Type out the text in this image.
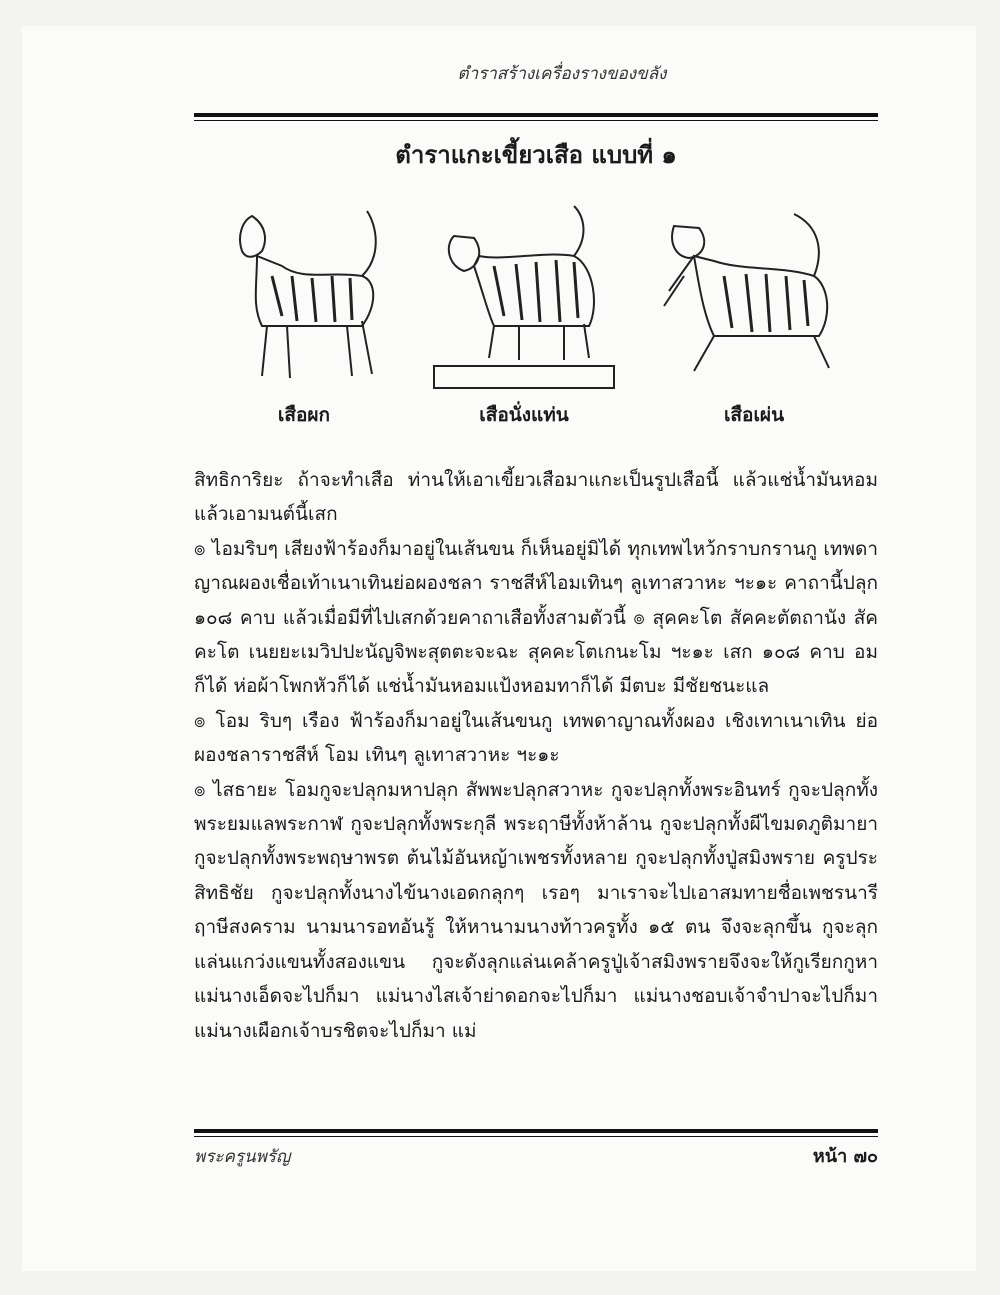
ตำราสร้างเครื่องรางของขลัง
ตำราแกะเขี้ยวเสือ แบบที่ ๑
เสือผก	เสือนั่งแท่น	เสือเผ่น

สิทธิการิยะ ถ้าจะทำเสือ ท่านให้เอาเขี้ยวเสือมาแกะเป็นรูปเสือนี้ แล้วแช่น้ำมันหอม แล้วเอามนต์นี้เสก

๏ ไอมริบๆ เสียงฟ้าร้องก็มาอยู่ในเส้นขน ก็เห็นอยู่มิได้ ทุกเทพไหว้กราบกรานกู เทพดาญาณผองเชื่อเท้าเนาเทินย่อผองชลา ราชสีห์ไอมเทินๆ ลูเทาสวาหะ ฯะ๑ะ คาถานี้ปลุก ๑๐๘ คาบ แล้วเมื่อมีที่ไปเสกด้วยคาถาเสือทั้งสามตัวนี้ ๏ สุคคะโต สัคคะตัตถานัง สัคคะโต เนยยะเมวิปปะนัญจิพะสุตตะจะฉะ สุคคะโตเกนะโม ฯะ๑ะ เสก ๑๐๘ คาบ อมก็ได้ ห่อผ้าโพกหัวก็ได้ แช่น้ำมันหอมแป้งหอมทาก็ได้ มีตบะ มีชัยชนะแล

๏ โอม ริบๆ เรือง ฟ้าร้องก็มาอยู่ในเส้นขนกู เทพดาญาณทั้งผอง เชิงเทาเนาเทิน ย่อผองชลาราชสีห์ โอม เทินๆ ลูเทาสวาหะ ฯะ๑ะ

๏ ไสธายะ โอมกูจะปลุกมหาปลุก สัพพะปลุกสวาหะ กูจะปลุกทั้งพระอินทร์ กูจะปลุกทั้งพระยมแลพระกาฬ กูจะปลุกทั้งพระกุลี พระฤาษีทั้งห้าล้าน กูจะปลุกทั้งผีไขมดภูติมายา กูจะปลุกทั้งพระพฤษาพรต ต้นไม้อันหญ้าเพชรทั้งหลาย กูจะปลุกทั้งปู่สมิงพราย ครูประสิทธิชัย กูจะปลุกทั้งนางไข้นางเอดกลุกๆ เรอๆ มาเราจะไปเอาสมทายชื่อเพชรนารี ฤาษีสงคราม นามนารอทอันรู้ ให้หานามนางท้าวครูทั้ง ๑๕ ตน จึงจะลุกขึ้น กูจะลุกแล่นแกว่งแขนทั้งสองแขน กูจะดังลุกแล่นเคล้าครูปู่เจ้าสมิงพรายจึงจะให้กูเรียกกูหา แม่นางเอ็ดจะไปก็มา แม่นางไสเจ้าย่าดอกจะไปก็มา แม่นางชอบเจ้าจำปาจะไปก็มา แม่นางเผือกเจ้าบรชิตจะไปก็มา แม่

พระครูนพรัญ	หน้า ๗๐
